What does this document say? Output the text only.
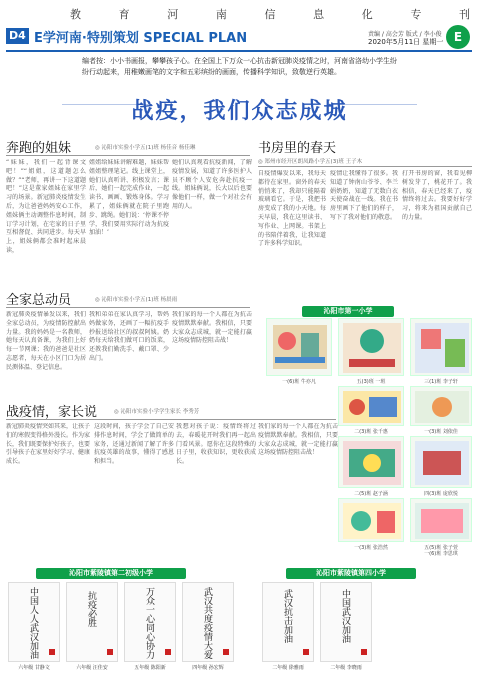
教	育	河	南	信	息	化	专	刊
D4 E学河南·特别策划 SPECIAL PLAN	责编 / 高会芳 版式 / 李小俊
2020年5月11日 星期一 E
编者按：小小书画报，攀攀孩子心。在全国上下万众一心抗击新冠肺炎疫情之时，河南省洛幼小学生纷纷行动起来，用稚嫩画笔的文字和五彩缤纷的画面，传播科学知识，致敬逆行英雄。
战疫，我们众志成城
奔跑的姐妹	◎ 沁阳市实验小学五(1)班 杨佳音 杨佳琳
“妹妹，我们一起背课文吧！”“姐姐，这道题怎么做？”“老师，再讲一下这道题吧！”这是董家姐妹在家里学习的场景。新冠肺炎疫情发生后，为让爸爸妈妈安心工作，姐妹俩主动调整作息时间，制订学习计划，在宅家的日子里互相督促、共同进步。每天早上，姐妹俩都会准时起床晨读，
姐姐给妹妹讲解难题，妹妹帮姐姐整理笔记。线上课堂上，她们认真听讲、积极发言；课后，她们一起完成作业，一起读书、画画、锻炼身体。学习累了，姐妹俩就在院子里跑步、跳绳。她们说：‘停课不停学，我们要用实际行动为抗疫加油！’
她们认真观看抗疫新闻，了解疫情发展，知道了许多医护人员不顾个人安危奔赴抗疫一线。姐妹俩说，长大以后也要像他们一样，做一个对社会有用的人。
书房里的春天
◎ 郑州市经开区朗凤路小学五(3)班 王子木
自疫情爆发以来，我每天都待在家里。窗外的春天悄悄来了，我却只能隔着玻璃看它。于是，我把书房变成了我的小天地。每天早晨，我在这里读书、写作业、上网课。书架上的书陪伴着我，让我知道了许多科学知识。
疫情让我懂得了很多。我知道了钟南山爷爷、李兰娟奶奶，知道了无数白衣天使奋战在一线。我在书房里画下了他们的样子，写下了我对他们的敬意。
打开书房的窗，我看见柳树发芽了，桃花开了。我相信，春天已经来了，疫情终将过去。我要好好学习，将来为祖国贡献自己的力量。
全家总动员	◎ 沁阳市实验小学五(1)班 杨晨雨
新冠肺炎疫情暴发以来，我们全家总动员，为疫情防控献出力量。我的妈妈是一名教师，她每天认真备课，为我们上好每一节网课；我的爸爸是社区志愿者，每天在小区门口为居民测体温、登记信息。
我和弟弟在家认真学习，帮妈妈做家务，还画了一幅抗疫手抄报送给社区的叔叔阿姨。奶奶每天给我们做可口的饭菜，还教我们勤洗手、戴口罩、少出门。
我们家的每一个人都在为抗击疫情默默奉献。我相信，只要大家众志成城，就一定能打赢这场疫情防控阻击战！
战疫情，家长说	◎ 沁阳市实验小学学生家长 李秀芳
新冠肺炎疫情突如其来，让孩子们的寒假变得格外漫长。作为家长，我们既要保护好孩子，也要引导孩子在家里好好学习、健康成长。
这段时间，孩子学会了自己安排作息时间，学会了做简单的家务，还通过新闻了解了许多抗疫英雄的故事，懂得了感恩和担当。
我想对孩子说：疫情终将过去，春暖花开时我们再一起出门看风景。愿你在这段特殊的日子里，收获知识，更收获成长。
我们家的每一个人都在为抗击疫情默默奉献。我相信，只要大家众志成城，就一定能打赢这场疫情防控阻击战！
沁阳市第一小学
一(6)班 牛亦凡	五(3)班 一班	三(1)班 李子轩
二(3)班 张千惠	一(3)班 刘依佳
二(5)班 赵子涵	四(3)班 庞欣悦
一(3)班 张浩然	五(5)班 张子萱
一(6)班 李思琪
沁阳市紫陵镇第二初级小学	沁阳市紫陵镇第四小学
中国人人武汉加油
六年级 甘静文
抗疫必胜
六年级 汪佳安
万众一心同心协力
五年级 陈阳新
武汉共度疫情大爱
四年级 孙宏辉
武汉抗击加油
二年级 徐雅雨
中国武汉加油
二年级 李晓雨
